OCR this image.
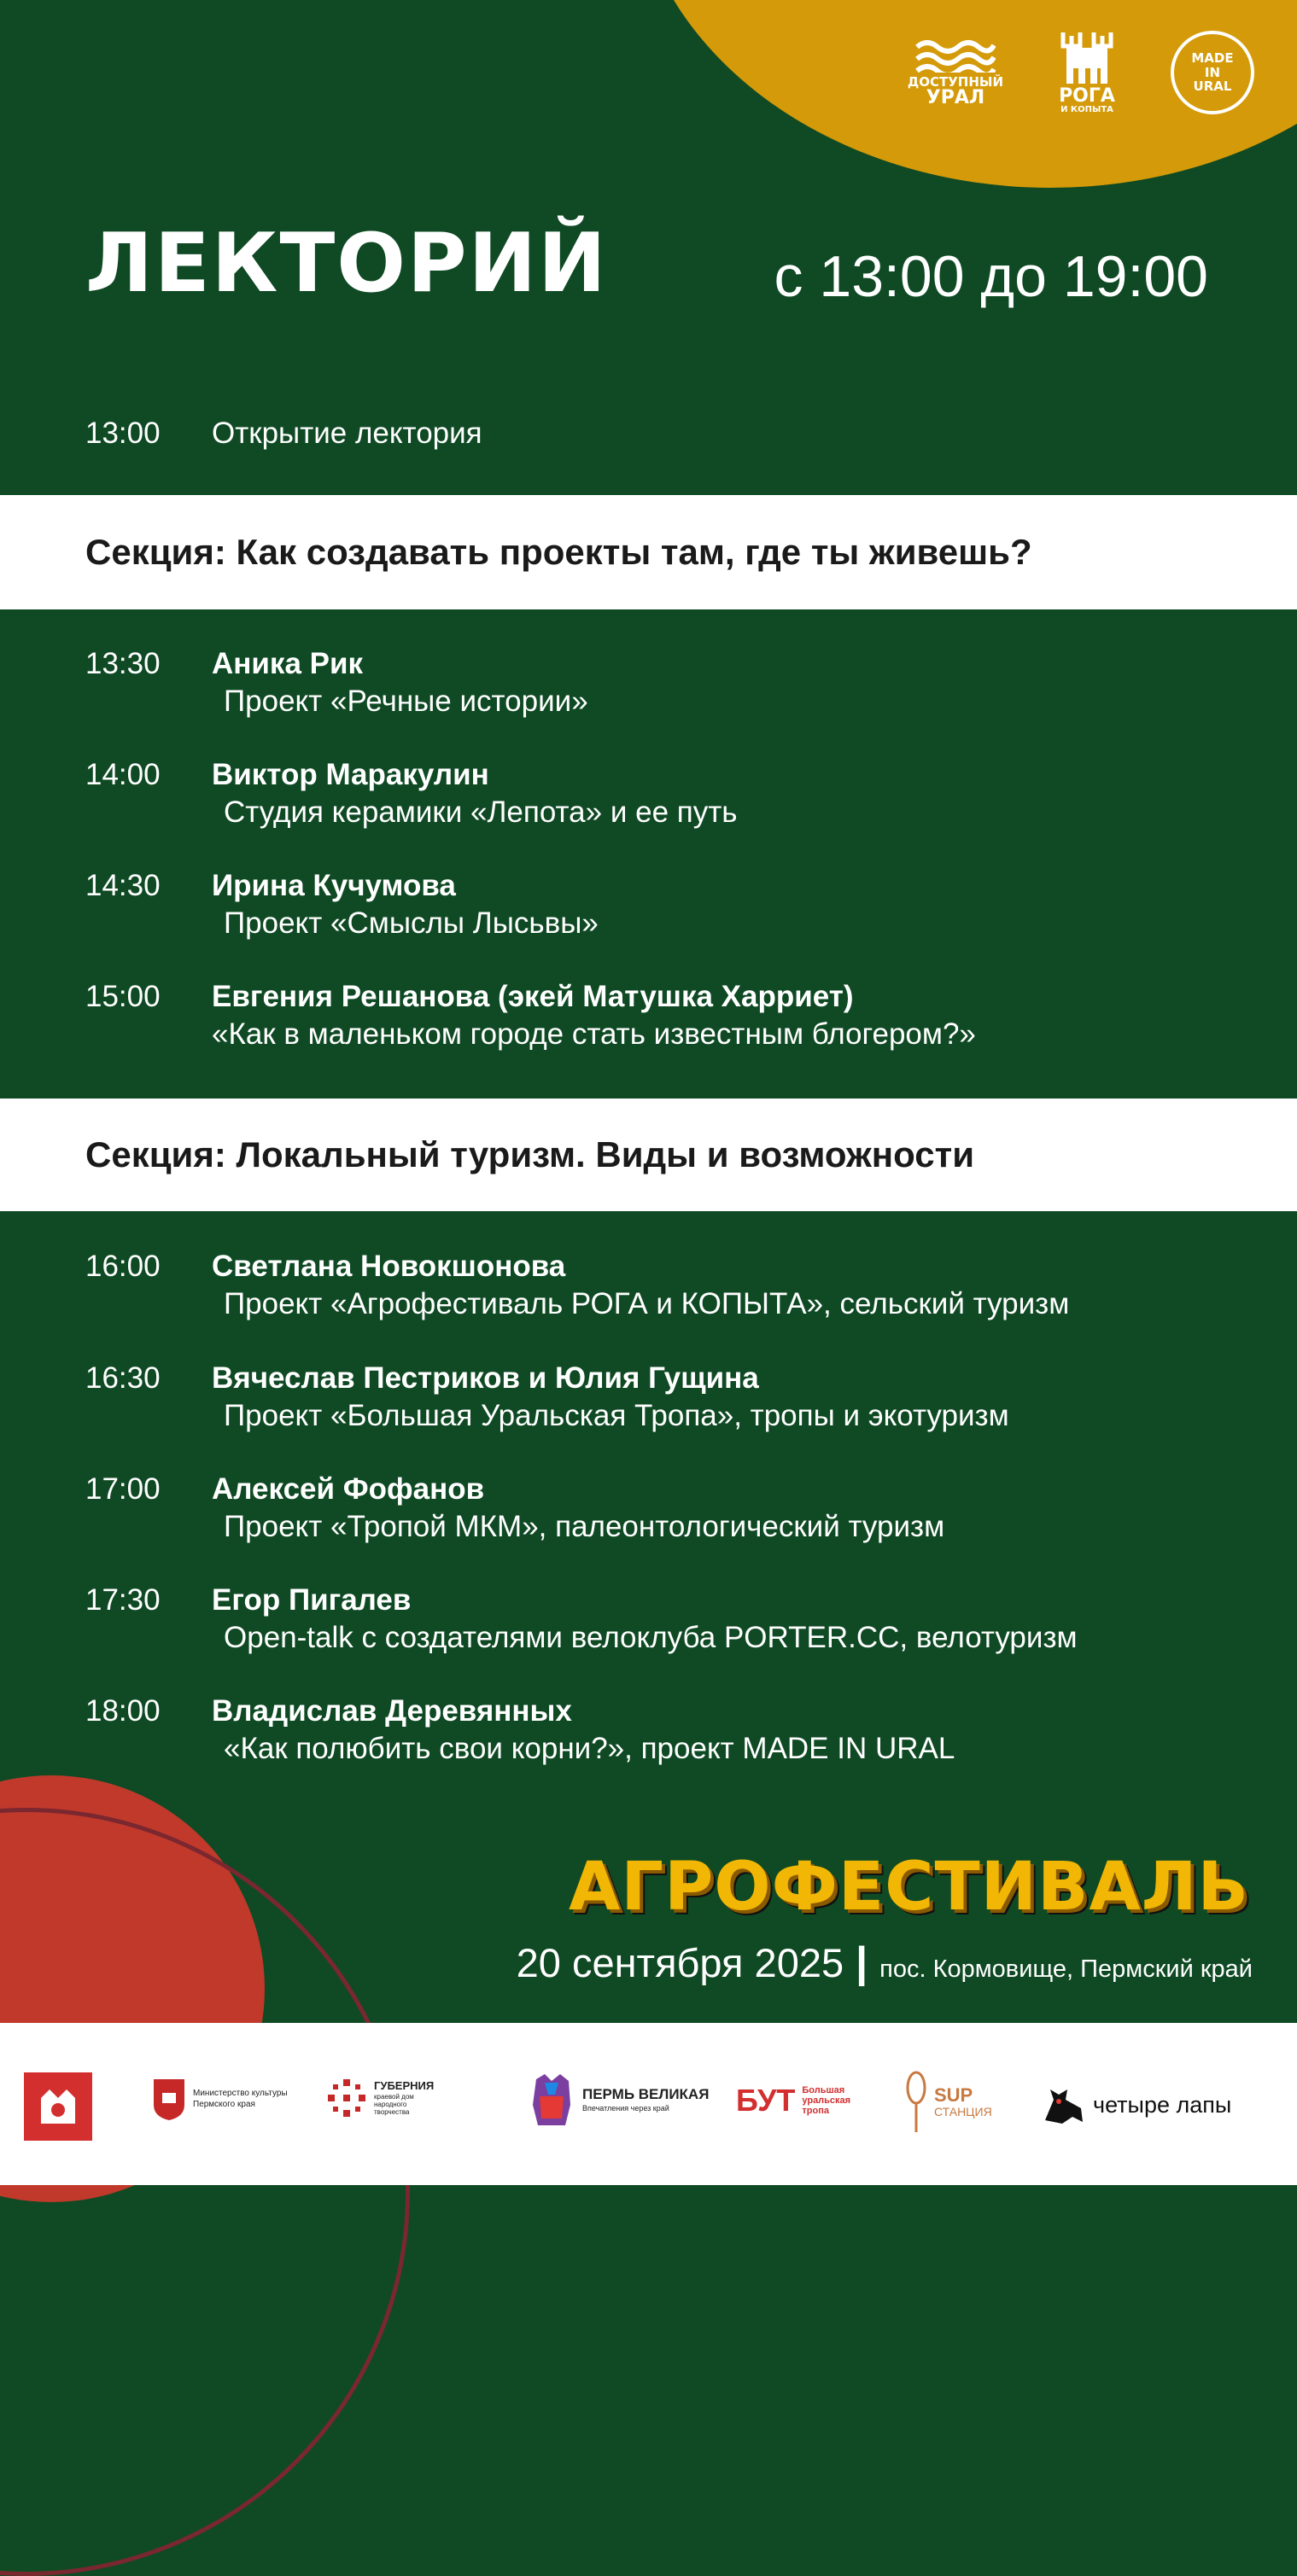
ДОСТУПНЫЙ
УРАЛ	РОГА
И КОПЫТА
MADE
IN
URAL
ЛЕКТОРИЙ	с 13:00 до 19:00
13:00 Открытие лектория
Секция: Как создавать проекты там, где ты живешь?
13:30 Аника Рик
Проект «Речные истории»
14:00 Виктор Маракулин
Студия керамики «Лепота» и ее путь
14:30 Ирина Кучумова
Проект «Смыслы Лысьвы»
15:00 Евгения Решанова (экей Матушка Харриет)
«Как в маленьком городе стать известным блогером?»
Секция: Локальный туризм. Виды и возможности
16:00 Светлана Новокшонова
Проект «Агрофестиваль РОГА и КОПЫТА», сельский туризм
16:30 Вячеслав Пестриков и Юлия Гущина
Проект «Большая Уральская Тропа», тропы и экотуризм
17:00 Алексей Фофанов
Проект «Тропой МКМ», палеонтологический туризм
17:30 Егор Пигалев
Open-talk с создателями велоклуба PORTER.CC, велотуризм
18:00 Владислав Деревянных
«Как полюбить свои корни?», проект MADE IN URAL
АГРОФЕСТИВАЛЬ
20 сентября 2025 | пос. Кормовище, Пермский край
Министерство культуры
Пермского края
ГУБЕРНИЯ
краевой дом
народного
творчества
ПЕРМЬ ВЕЛИКАЯ
Впечатления через край	БУТ Большая
уральская
тропа
SUP
СТАНЦИЯ	четыре лапы
